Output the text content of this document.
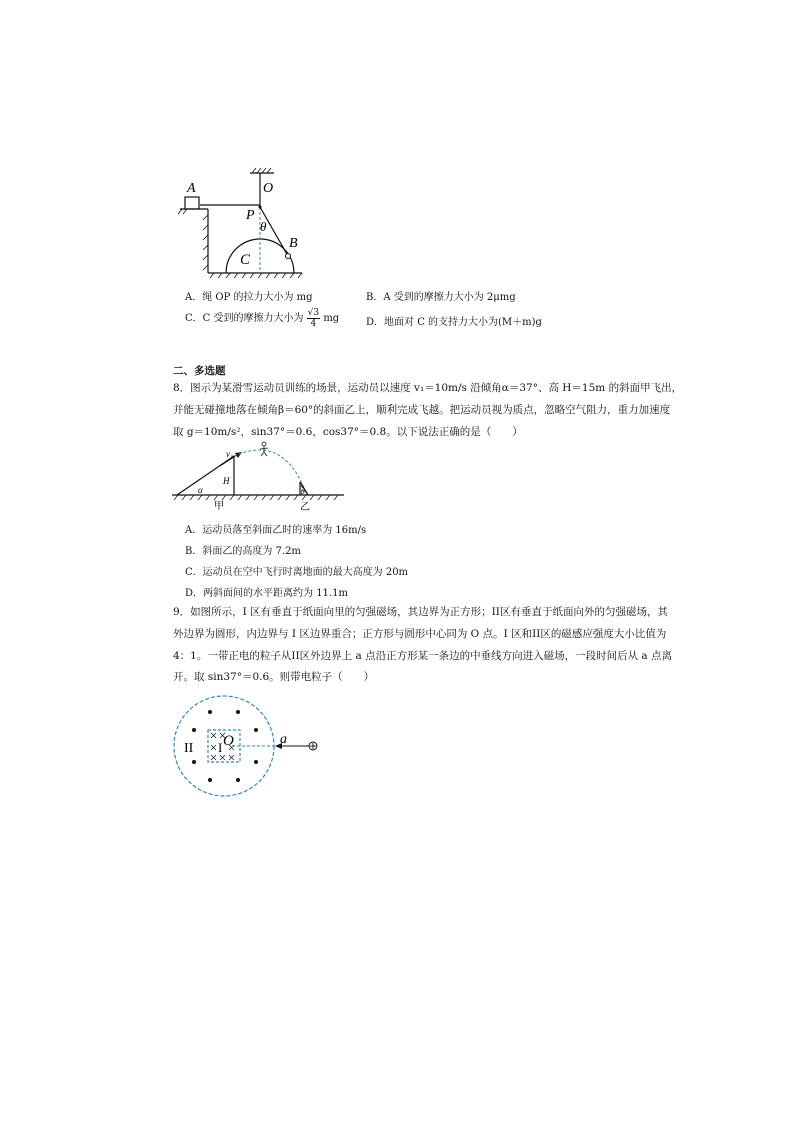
A	O
P
θ
B
C
A．绳 OP 的拉力大小为 mg	B．A 受到的摩擦力大小为 2μmg
C．C 受到的摩擦力大小为 $\frac{√3}{4}$ mg	D．地面对 C 的支持力大小为(M＋m)g
二、多选题
8．图示为某滑雪运动员训练的场景，运动员以速度 v₁＝10m/s 沿倾角α＝37°、高 H＝15m 的斜面甲飞出，
并能无碰撞地落在倾角β＝60°的斜面乙上，顺利完成飞越。把运动员视为质点，忽略空气阻力，重力加速度
取 g＝10m/s²，sin37°＝0.6，cos37°＝0.8。以下说法正确的是（　　）
v₁
α
H
β
甲	乙
A．运动员落至斜面乙时的速率为 16m/s
B．斜面乙的高度为 7.2m
C．运动员在空中飞行时离地面的最大高度为 20m
D．两斜面间的水平距离约为 11.1m
9．如图所示，I 区有垂直于纸面向里的匀强磁场，其边界为正方形；II区有垂直于纸面向外的匀强磁场，其
外边界为圆形，内边界与 I 区边界重合；正方形与圆形中心同为 O 点。I 区和II区的磁感应强度大小比值为
4：1。一带正电的粒子从II区外边界上 a 点沿正方形某一条边的中垂线方向进入磁场，一段时间后从 a 点离
开。取 sin37°＝0.6。则带电粒子（　　）
II I O	a
